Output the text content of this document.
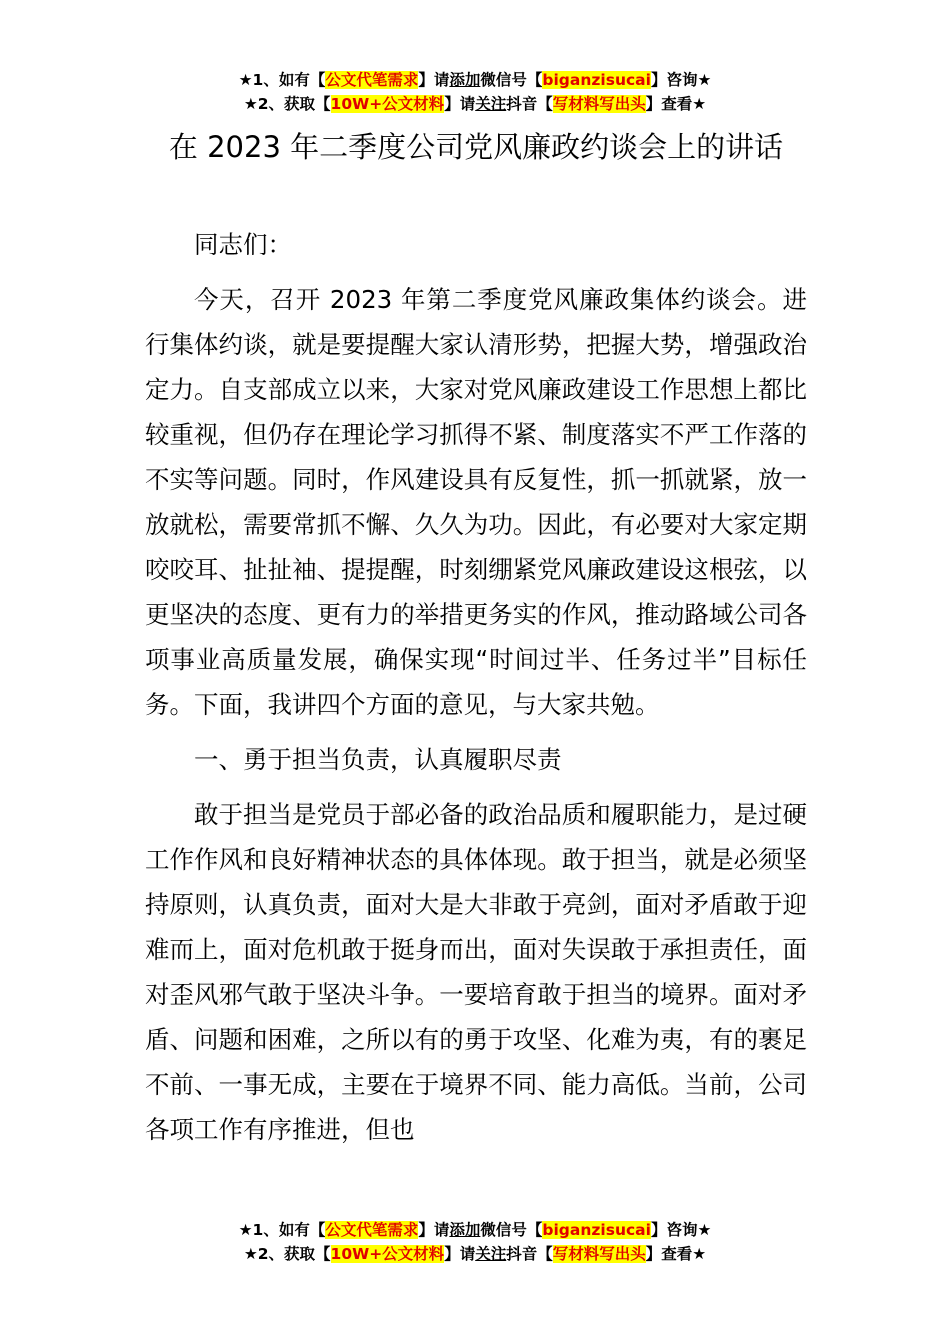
★1、如有【公文代笔需求】请添加微信号【biganzisucai】咨询★
★2、获取【10W+公文材料】请关注抖音【写材料写出头】查看★
在 2023 年二季度公司党风廉政约谈会上的讲话

同志们：

今天，召开 2023 年第二季度党风廉政集体约谈会。进行集体约谈，就是要提醒大家认清形势，把握大势，增强政治定力。自支部成立以来，大家对党风廉政建设工作思想上都比较重视，但仍存在理论学习抓得不紧、制度落实不严工作落的不实等问题。同时，作风建设具有反复性，抓一抓就紧，放一放就松，需要常抓不懈、久久为功。因此，有必要对大家定期咬咬耳、扯扯袖、提提醒，时刻绷紧党风廉政建设这根弦，以更坚决的态度、更有力的举措更务实的作风，推动路域公司各项事业高质量发展，确保实现“时间过半、任务过半”目标任务。下面，我讲四个方面的意见，与大家共勉。

一、勇于担当负责，认真履职尽责

敢于担当是党员于部必备的政治品质和履职能力，是过硬工作作风和良好精神状态的具体体现。敢于担当，就是必须坚持原则，认真负责，面对大是大非敢于亮剑，面对矛盾敢于迎难而上，面对危机敢于挺身而出，面对失误敢于承担责任，面对歪风邪气敢于坚决斗争。一要培育敢于担当的境界。面对矛盾、问题和困难，之所以有的勇于攻坚、化难为夷，有的裹足不前、一事无成，主要在于境界不同、能力高低。当前，公司各项工作有序推进，但也

★1、如有【公文代笔需求】请添加微信号【biganzisucai】咨询★
★2、获取【10W+公文材料】请关注抖音【写材料写出头】查看★
